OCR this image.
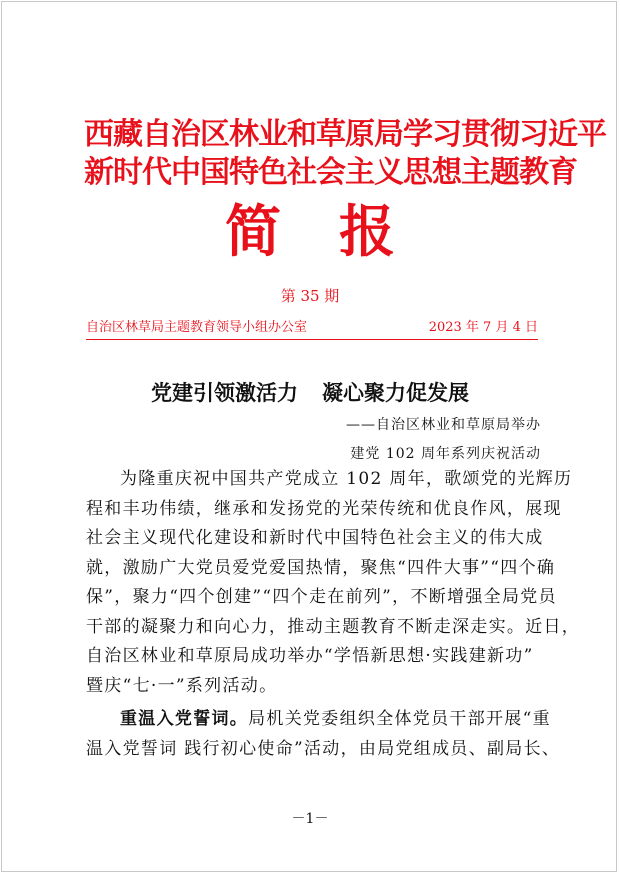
西藏自治区林业和草原局学习贯彻习近平
新时代中国特色社会主义思想主题教育
简报
第 35 期
自治区林草局主题教育领导小组办公室	2023 年 7 月 4 日
党建引领激活力 凝心聚力促发展
——自治区林业和草原局举办
建党 102 周年系列庆祝活动
为隆重庆祝中国共产党成立 102 周年，歌颂党的光辉历
程和丰功伟绩，继承和发扬党的光荣传统和优良作风，展现
社会主义现代化建设和新时代中国特色社会主义的伟大成
就，激励广大党员爱党爱国热情，聚焦“四件大事”“四个确
保”，聚力“四个创建”“四个走在前列”，不断增强全局党员
干部的凝聚力和向心力，推动主题教育不断走深走实。近日，
自治区林业和草原局成功举办“学悟新思想·实践建新功”
暨庆“七·一”系列活动。
重温入党誓词。局机关党委组织全体党员干部开展“重
温入党誓词 践行初心使命”活动，由局党组成员、副局长、
－1－
